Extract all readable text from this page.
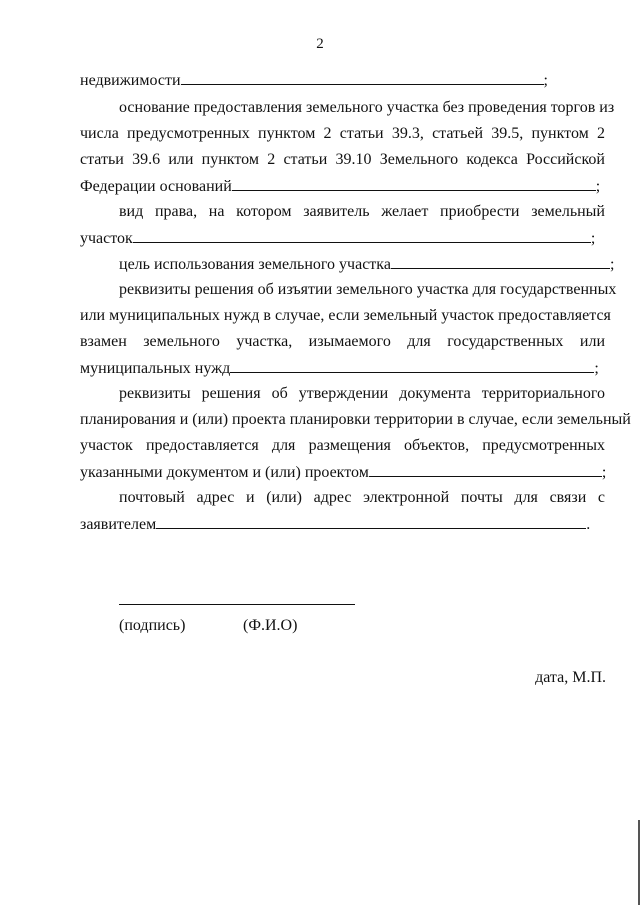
2
недвижимости	;
основание предоставления земельного участка без проведения торгов из
числа предусмотренных пунктом 2 статьи 39.3, статьей 39.5, пунктом 2
статьи 39.6 или пунктом 2 статьи 39.10 Земельного кодекса Российской
Федерации оснований	;
вид права, на котором заявитель желает приобрести земельный
участок	;
цель использования земельного участка	;
реквизиты решения об изъятии земельного участка для государственных
или муниципальных нужд в случае, если земельный участок предоставляется
взамен земельного участка, изымаемого для государственных или
муниципальных нужд	;
реквизиты решения об утверждении документа территориального
планирования и (или) проекта планировки территории в случае, если земельный
участок предоставляется для размещения объектов, предусмотренных
указанными документом и (или) проектом	;
почтовый адрес и (или) адрес электронной почты для связи с
заявителем	.
(подпись)	(Ф.И.О)
дата, М.П.
